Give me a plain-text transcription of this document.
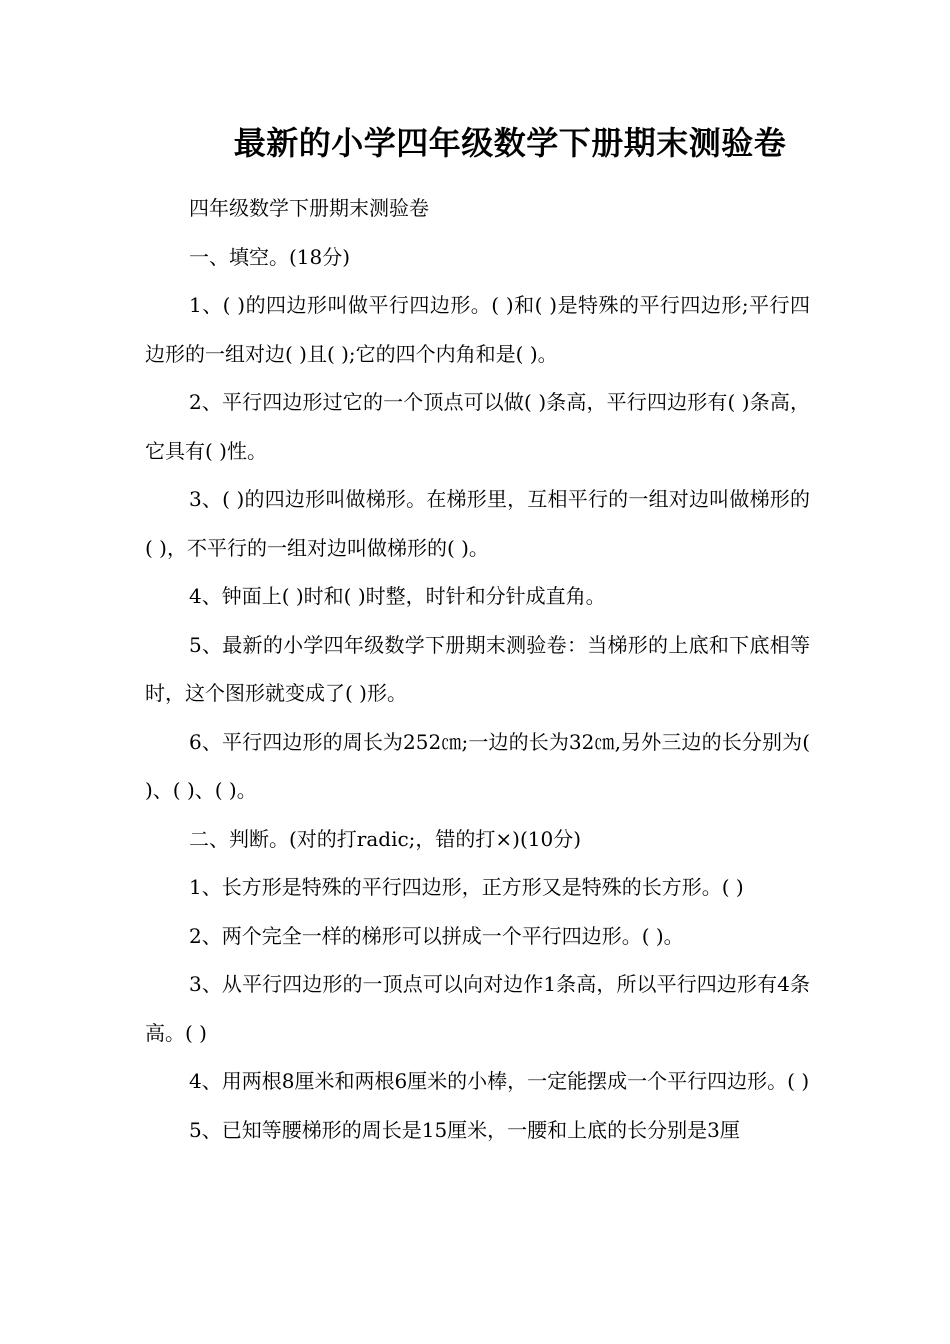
最新的小学四年级数学下册期末测验卷

四年级数学下册期末测验卷

一、填空。(18分)

1、( )的四边形叫做平行四边形。( )和( )是特殊的平行四边形;平行四边形的一组对边( )且( );它的四个内角和是( )。

2、平行四边形过它的一个顶点可以做( )条高，平行四边形有( )条高，它具有( )性。

3、( )的四边形叫做梯形。在梯形里，互相平行的一组对边叫做梯形的( )，不平行的一组对边叫做梯形的( )。

4、钟面上( )时和( )时整，时针和分针成直角。

5、最新的小学四年级数学下册期末测验卷：当梯形的上底和下底相等时，这个图形就变成了( )形。

6、平行四边形的周长为252㎝;一边的长为32㎝,另外三边的长分别为( )、( )、( )。

二、判断。(对的打radic;，错的打×)(10分)

1、长方形是特殊的平行四边形，正方形又是特殊的长方形。( )

2、两个完全一样的梯形可以拼成一个平行四边形。( )。

3、从平行四边形的一顶点可以向对边作1条高，所以平行四边形有4条高。( )

4、用两根8厘米和两根6厘米的小棒，一定能摆成一个平行四边形。( )

5、已知等腰梯形的周长是15厘米，一腰和上底的长分别是3厘
